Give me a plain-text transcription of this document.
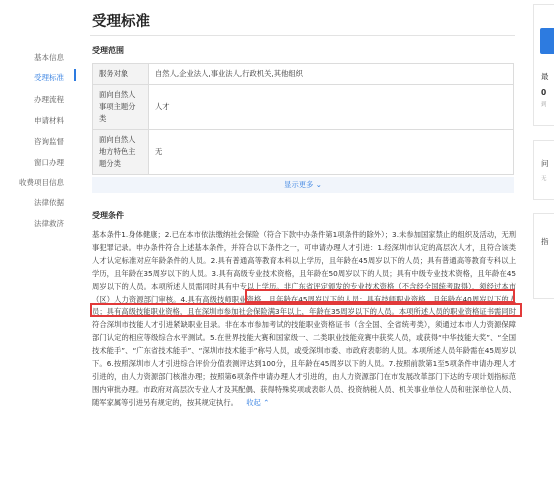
受理标准
基本信息
受理标准
办理流程
申请材料
咨询监督
窗口办理
收费项目信息
法律依据
法律救济
受理范围
服务对象	自然人,企业法人,事业法人,行政机关,其他组织
面向自然人事项主题分类	人才
面向自然人地方特色主题分类	无
显示更多 ⌄
受理条件
基本条件1.身体健康；2.已在本市依法缴纳社会保险（符合下款中办条件第1项条件的除外）；3.未参加国家禁止的组织及活动，无刑事犯罪记录。申办条件符合上述基本条件，并符合以下条件之一，可申请办理人才引进：1.经深圳市认定的高层次人才，且符合该类人才认定标准对应年龄条件的人员。2.具有普通高等教育本科以上学历，且年龄在45周岁以下的人员；具有普通高等教育专科以上学历，且年龄在35周岁以下的人员。3.具有高级专业技术资格，且年龄在50周岁以下的人员；具有中级专业技术资格，且年龄在45周岁以下的人员。本项所述人员需同时具有中专以上学历。非广东省评定颁发的专业技术资格（不含经全国统考取得），须经过本市（区）人力资源部门审核。4.具有高级技师职业资格，且年龄在45周岁以下的人员；具有技师职业资格，且年龄在40周岁以下的人员；具有高级技能职业资格，且在深圳市参加社会保险满3年以上，年龄在35周岁以下的人员。本项所述人员的职业资格证书需同时符合深圳市技能人才引进紧缺职业目录。非在本市参加考试的技能职业资格证书（含全国、全省统考类），须通过本市人力资源保障部门认定的相应等级综合水平测试。5.在世界技能大赛和国家级一、二类职业技能竞赛中获奖人员，或获得“中华技能大奖”、“全国技术能手”、“广东省技术能手”、“深圳市技术能手”称号人员，或受深圳市委、市政府表彰的人员。本项所述人员年龄需在45周岁以下。6.按照深圳市人才引进综合评价分值表测评达到100分，且年龄在45周岁以下的人员。7.按照前款第1至5项条件申请办理人才引进的，由人力资源部门核准办理；按照第6项条件申请办理人才引进的，由人力资源部门在市发展改革部门下达的专项计划指标范围内审批办理。市政府对高层次专业人才及其配偶、获得特殊奖项或表彰人员、投资纳税人员、机关事业单位人员和驻深单位人员、随军家属等引进另有规定的，按其规定执行。 收起 ⌃
最
0
到
问
无
指
